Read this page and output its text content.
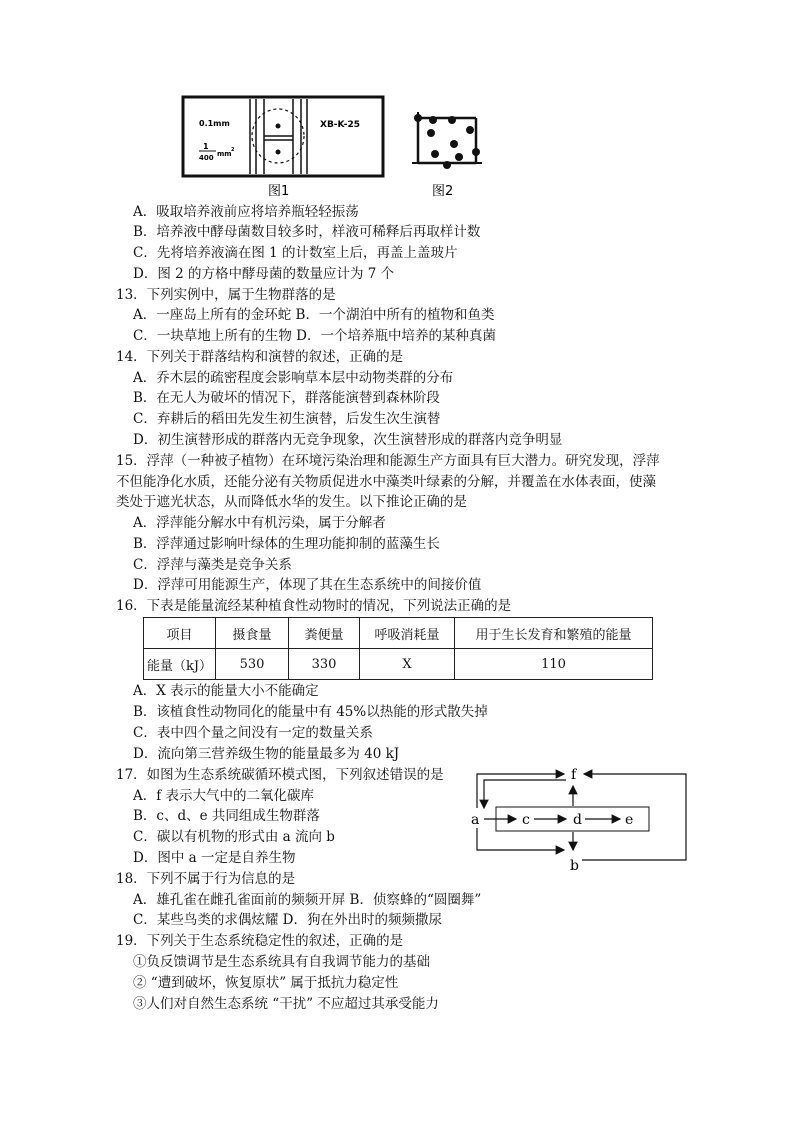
0.1mm
1
400 mm 2
XB-K-25
图1	图2
A．吸取培养液前应将培养瓶轻轻振荡
B．培养液中酵母菌数目较多时，样液可稀释后再取样计数
C．先将培养液滴在图 1 的计数室上后，再盖上盖玻片
D．图 2 的方格中酵母菌的数量应计为 7 个
13．下列实例中，属于生物群落的是
A．一座岛上所有的金环蛇 B．一个湖泊中所有的植物和鱼类
C．一块草地上所有的生物 D．一个培养瓶中培养的某种真菌
14．下列关于群落结构和演替的叙述，正确的是
A．乔木层的疏密程度会影响草本层中动物类群的分布
B．在无人为破坏的情况下，群落能演替到森林阶段
C．弃耕后的稻田先发生初生演替，后发生次生演替
D．初生演替形成的群落内无竞争现象，次生演替形成的群落内竞争明显
15．浮萍（一种被子植物）在环境污染治理和能源生产方面具有巨大潜力。研究发现，浮萍
不但能净化水质，还能分泌有关物质促进水中藻类叶绿素的分解，并覆盖在水体表面，使藻
类处于遮光状态，从而降低水华的发生。以下推论正确的是
A．浮萍能分解水中有机污染，属于分解者
B．浮萍通过影响叶绿体的生理功能抑制的蓝藻生长
C．浮萍与藻类是竞争关系
D．浮萍可用能源生产，体现了其在生态系统中的间接价值
16．下表是能量流经某种植食性动物时的情况，下列说法正确的是
项目	摄食量	粪便量	呼吸消耗量	用于生长发育和繁殖的能量
能量（kJ）	530	330	X	110
A．X 表示的能量大小不能确定
B．该植食性动物同化的能量中有 45%以热能的形式散失掉
C．表中四个量之间没有一定的数量关系
D．流向第三营养级生物的能量最多为 40 kJ
17．如图为生态系统碳循环模式图，下列叙述错误的是
A．f 表示大气中的二氧化碳库
B．c、d、e 共同组成生物群落
C．碳以有机物的形式由 a 流向 b
D．图中 a 一定是自养生物
f
a	c	d	e
b
18．下列不属于行为信息的是
A．雄孔雀在雌孔雀面前的频频开屏 B．侦察蜂的“圆圈舞”
C．某些鸟类的求偶炫耀 D．狗在外出时的频频撒尿
19．下列关于生态系统稳定性的叙述，正确的是
①负反馈调节是生态系统具有自我调节能力的基础
② “遭到破坏，恢复原状” 属于抵抗力稳定性
③人们对自然生态系统 “干扰” 不应超过其承受能力
